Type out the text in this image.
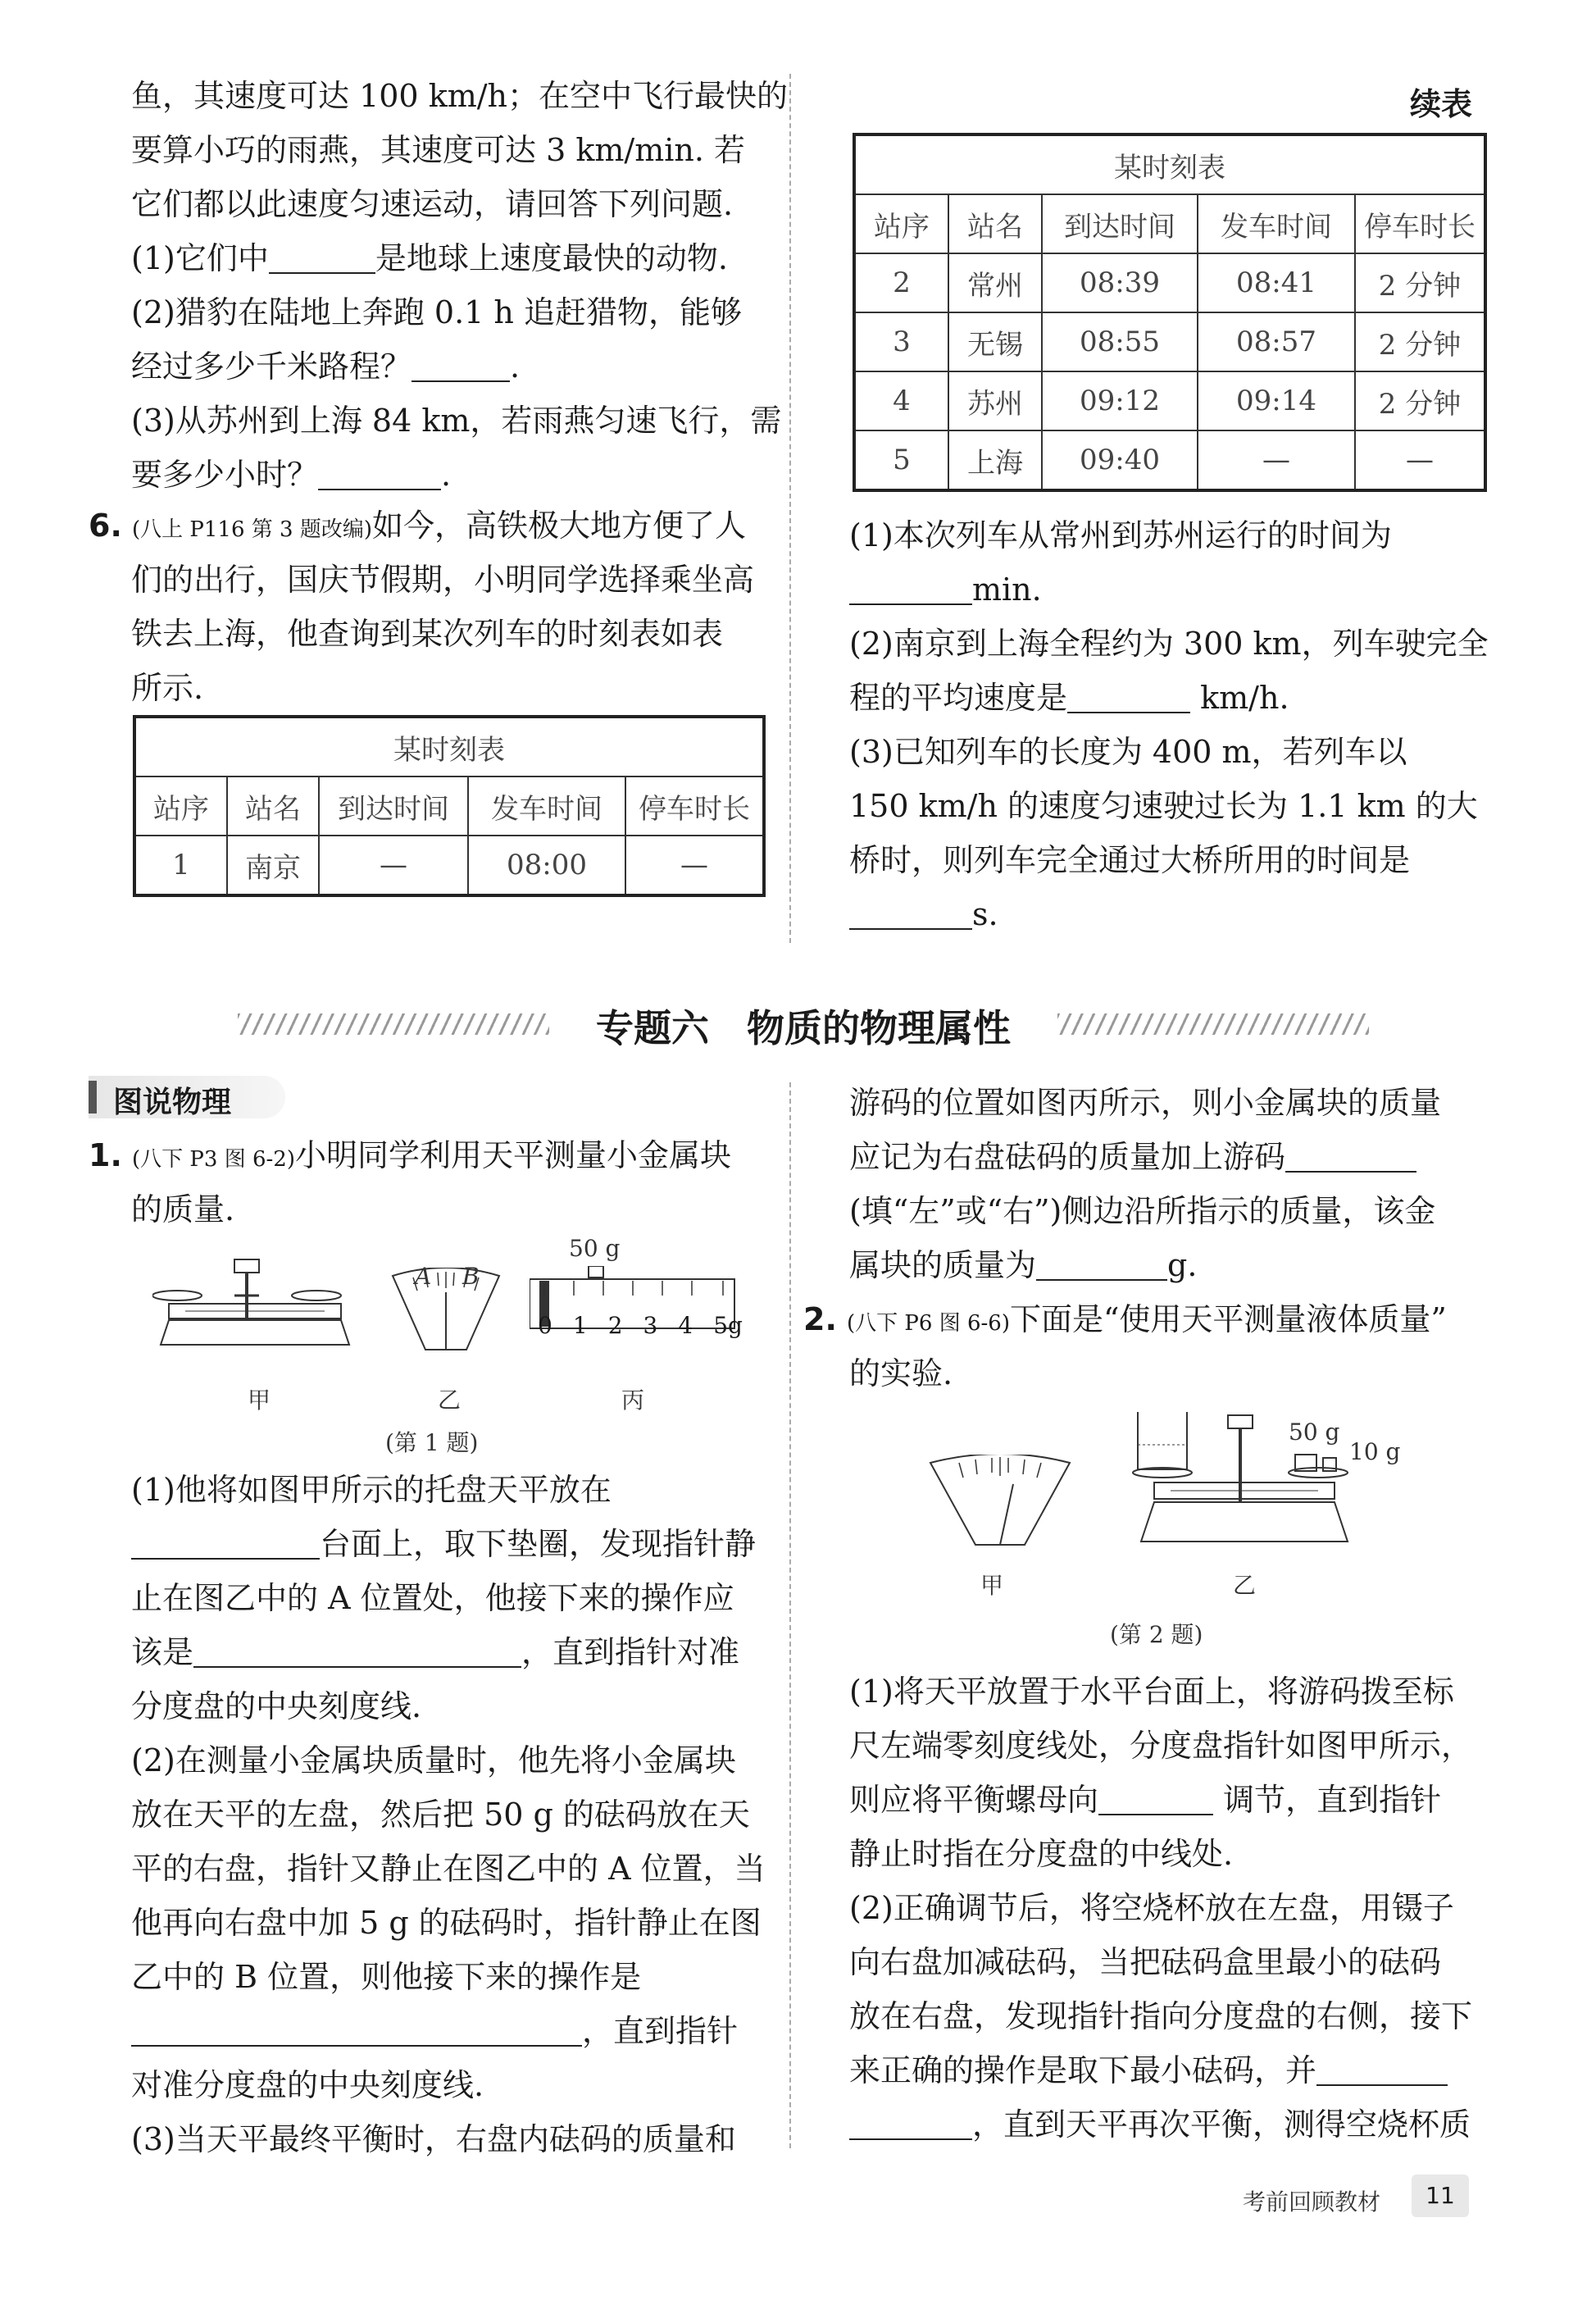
鱼，其速度可达 100 km/h；在空中飞行最快的
要算小巧的雨燕，其速度可达 3 km/min. 若
它们都以此速度匀速运动，请回答下列问题.
(1)它们中	是地球上速度最快的动物.
(2)猎豹在陆地上奔跑 0.1 h 追赶猎物，能够
经过多少千米路程？	.
(3)从苏州到上海 84 km，若雨燕匀速飞行，需
要多少小时？	.
6. (八上 P116 第 3 题改编)如今，高铁极大地方便了人
们的出行，国庆节假期，小明同学选择乘坐高
铁去上海，他查询到某次列车的时刻表如表
所示.
某时刻表				
站序	站名	到达时间	发车时间	停车时长
1	南京	—	08:00	—
续表
某时刻表				
站序	站名	到达时间	发车时间	停车时长
2	常州	08:39	08:41	2 分钟
3	无锡	08:55	08:57	2 分钟
4	苏州	09:12	09:14	2 分钟
5	上海	09:40	—	—
(1)本次列车从常州到苏州运行的时间为
min.
(2)南京到上海全程约为 300 km，列车驶完全
程的平均速度是	km/h.
(3)已知列车的长度为 400 m，若列车以
150 km/h 的速度匀速驶过长为 1.1 km 的大
桥时，则列车完全通过大桥所用的时间是
s.
专题六　物质的物理属性
图说物理
1. (八下 P3 图 6-2)小明同学利用天平测量小金属块
的质量.
甲
A B
乙
50 g
0 1 2 3 4 5g
丙
(第 1 题)
(1)他将如图甲所示的托盘天平放在
台面上，取下垫圈，发现指针静
止在图乙中的 A 位置处，他接下来的操作应
该是	，直到指针对准
分度盘的中央刻度线.
(2)在测量小金属块质量时，他先将小金属块
放在天平的左盘，然后把 50 g 的砝码放在天
平的右盘，指针又静止在图乙中的 A 位置，当
他再向右盘中加 5 g 的砝码时，指针静止在图
乙中的 B 位置，则他接下来的操作是
，直到指针
对准分度盘的中央刻度线.
(3)当天平最终平衡时，右盘内砝码的质量和
游码的位置如图丙所示，则小金属块的质量
应记为右盘砝码的质量加上游码
(填“左”或“右”)侧边沿所指示的质量，该金
属块的质量为	g.
2. (八下 P6 图 6-6)下面是“使用天平测量液体质量”
的实验.
甲
50 g
10 g
乙
(第 2 题)
(1)将天平放置于水平台面上，将游码拨至标
尺左端零刻度线处，分度盘指针如图甲所示，
则应将平衡螺母向	调节，直到指针
静止时指在分度盘的中线处.
(2)正确调节后，将空烧杯放在左盘，用镊子
向右盘加减砝码，当把砝码盒里最小的砝码
放在右盘，发现指针指向分度盘的右侧，接下
来正确的操作是取下最小砝码，并
，直到天平再次平衡，测得空烧杯质
考前回顾教材	11
